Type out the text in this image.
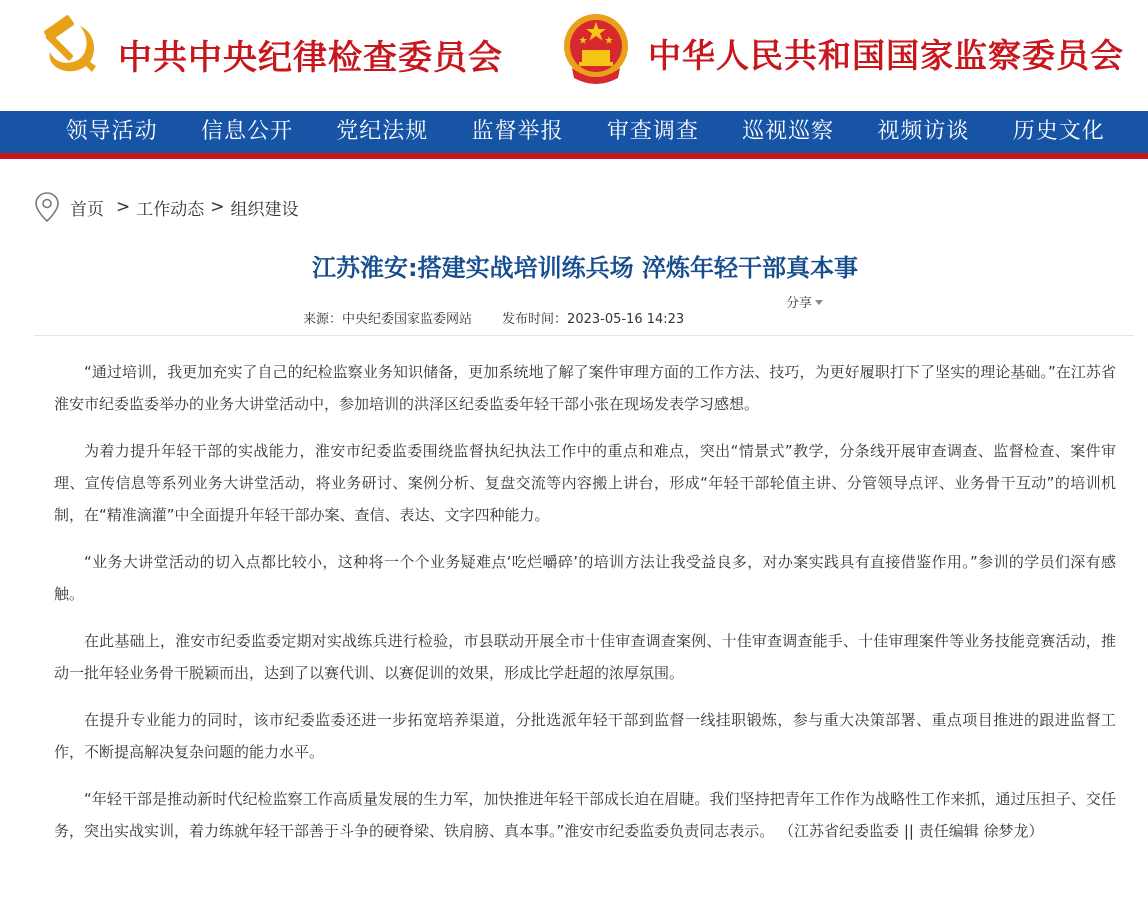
中共中央纪律检查委员会	中华人民共和国国家监察委员会
领导活动	信息公开	党纪法规	监督举报	审查调查	巡视巡察	视频访谈	历史文化
首页 > 工作动态 > 组织建设
江苏淮安:搭建实战培训练兵场 淬炼年轻干部真本事
分享
来源：中央纪委国家监委网站 发布时间：2023-05-16 14:23

“通过培训，我更加充实了自己的纪检监察业务知识储备，更加系统地了解了案件审理方面的工作方法、技巧，为更好履职打下了坚实的理论基础。”在江苏省淮安市纪委监委举办的业务大讲堂活动中，参加培训的洪泽区纪委监委年轻干部小张在现场发表学习感想。

为着力提升年轻干部的实战能力，淮安市纪委监委围绕监督执纪执法工作中的重点和难点，突出“情景式”教学，分条线开展审查调查、监督检查、案件审理、宣传信息等系列业务大讲堂活动，将业务研讨、案例分析、复盘交流等内容搬上讲台，形成“年轻干部轮值主讲、分管领导点评、业务骨干互动”的培训机制，在“精准滴灌”中全面提升年轻干部办案、查信、表达、文字四种能力。

“业务大讲堂活动的切入点都比较小，这种将一个个业务疑难点‘吃烂嚼碎’的培训方法让我受益良多，对办案实践具有直接借鉴作用。”参训的学员们深有感触。

在此基础上，淮安市纪委监委定期对实战练兵进行检验，市县联动开展全市十佳审查调查案例、十佳审查调查能手、十佳审理案件等业务技能竞赛活动，推动一批年轻业务骨干脱颖而出，达到了以赛代训、以赛促训的效果，形成比学赶超的浓厚氛围。

在提升专业能力的同时，该市纪委监委还进一步拓宽培养渠道，分批选派年轻干部到监督一线挂职锻炼，参与重大决策部署、重点项目推进的跟进监督工作，不断提高解决复杂问题的能力水平。

“年轻干部是推动新时代纪检监察工作高质量发展的生力军，加快推进年轻干部成长迫在眉睫。我们坚持把青年工作作为战略性工作来抓，通过压担子、交任务，突出实战实训，着力练就年轻干部善于斗争的硬脊梁、铁肩膀、真本事。”淮安市纪委监委负责同志表示。 （江苏省纪委监委 || 责任编辑 徐梦龙）
